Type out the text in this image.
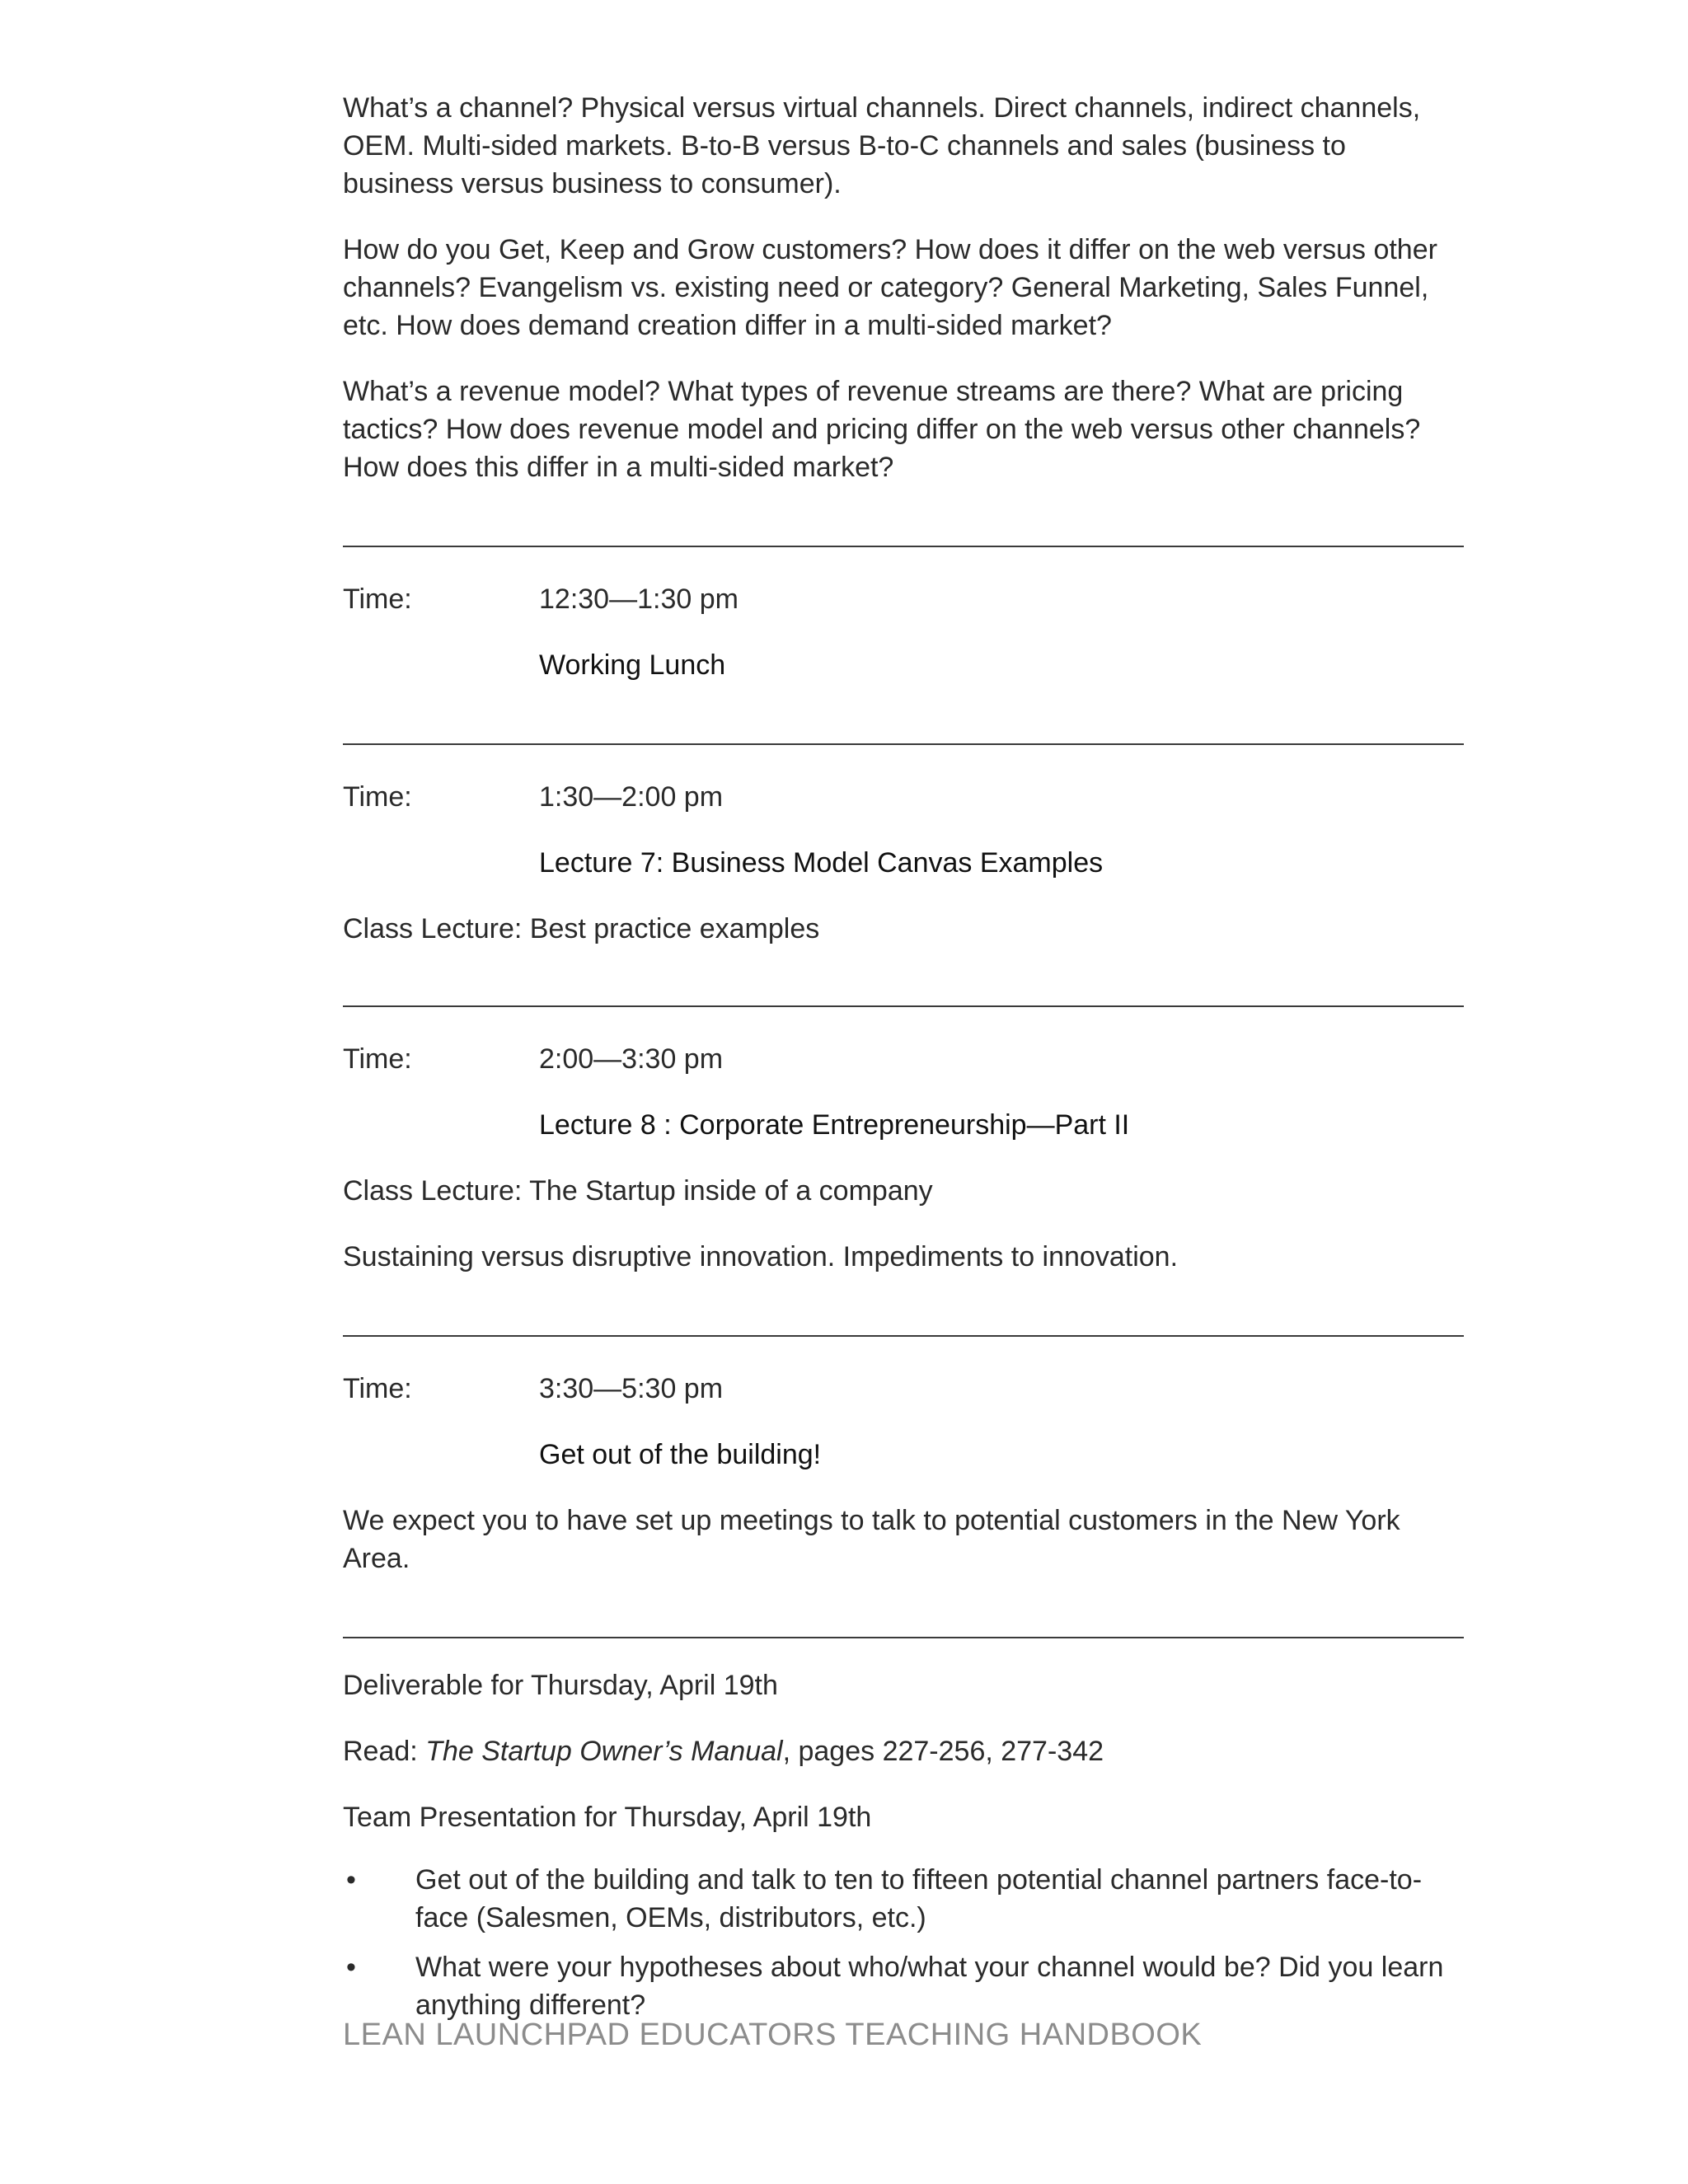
What’s a channel? Physical versus virtual channels. Direct channels, indirect channels, OEM. Multi-sided markets. B-to-B versus B-to-C channels and sales (business to business versus business to consumer).

How do you Get, Keep and Grow customers? How does it differ on the web versus other channels? Evangelism vs. existing need or category? General Marketing, Sales Funnel, etc. How does demand creation differ in a multi-sided market?

What’s a revenue model? What types of revenue streams are there? What are pricing tactics? How does revenue model and pricing differ on the web versus other channels? How does this differ in a multi-sided market?

Time:	12:30—1:30 pm
Working Lunch
Time:	1:30—2:00 pm
Lecture 7: Business Model Canvas Examples

Class Lecture: Best practice examples

Time:	2:00—3:30 pm
Lecture 8 : Corporate Entrepreneurship—Part II

Class Lecture: The Startup inside of a company

Sustaining versus disruptive innovation. Impediments to innovation.

Time:	3:30—5:30 pm
Get out of the building!

We expect you to have set up meetings to talk to potential customers in the New York Area.

Deliverable for Thursday, April 19th

Read: The Startup Owner’s Manual, pages 227-256, 277-342

Team Presentation for Thursday, April 19th

• Get out of the building and talk to ten to fifteen potential channel partners face-to-face (Salesmen, OEMs, distributors, etc.)
• What were your hypotheses about who/what your channel would be? Did you learn anything different?
LEAN LAUNCHPAD EDUCATORS TEACHING HANDBOOK
